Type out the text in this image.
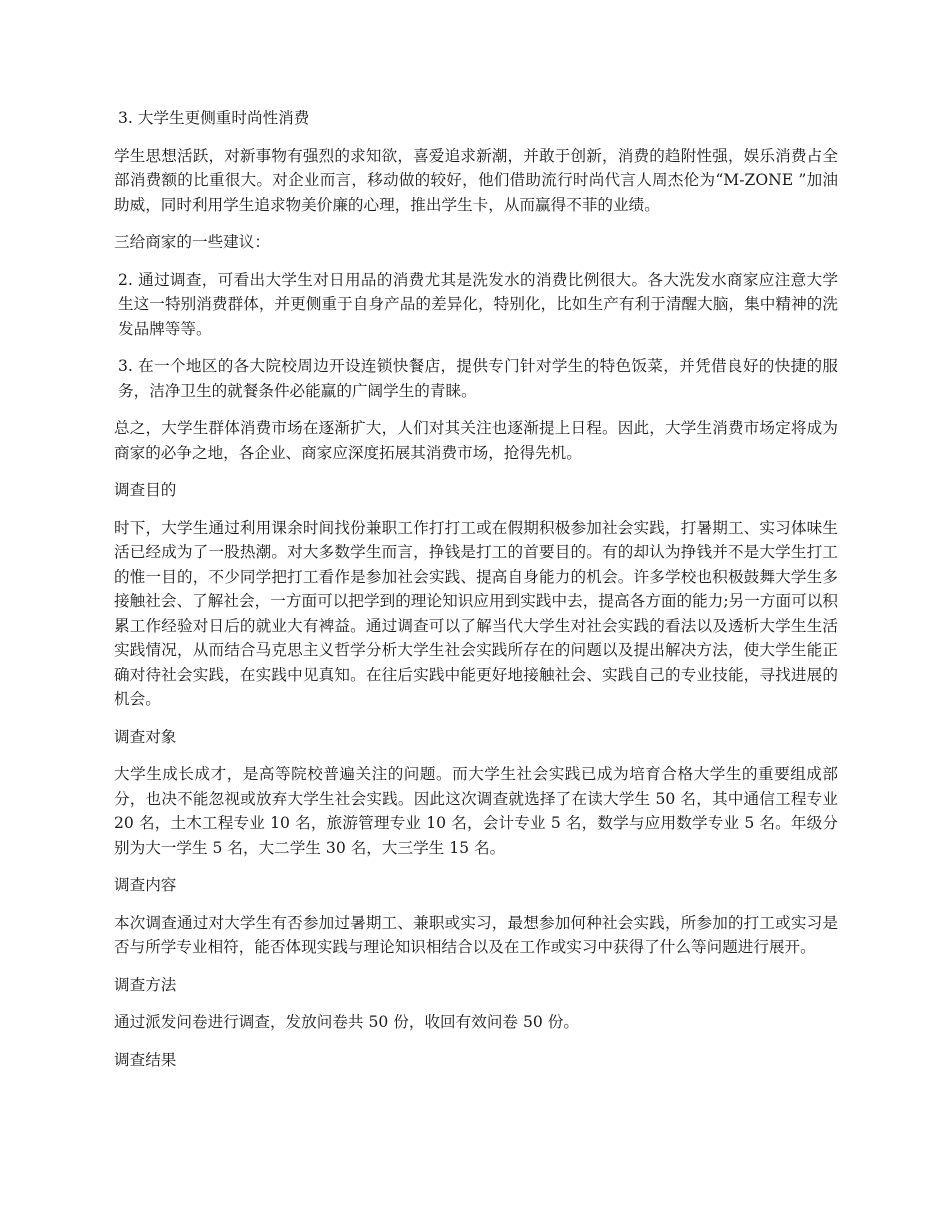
3. 大学生更侧重时尚性消费

学生思想活跃，对新事物有强烈的求知欲，喜爱追求新潮，并敢于创新，消费的趋附性强，娱乐消费占全部消费额的比重很大。对企业而言，移动做的较好，他们借助流行时尚代言人周杰伦为“M-ZONE ”加油助威，同时利用学生追求物美价廉的心理，推出学生卡，从而赢得不菲的业绩。

三给商家的一些建议：

2. 通过调查，可看出大学生对日用品的消费尤其是洗发水的消费比例很大。各大洗发水商家应注意大学生这一特别消费群体，并更侧重于自身产品的差异化，特别化，比如生产有利于清醒大脑，集中精神的洗发品牌等等。

3. 在一个地区的各大院校周边开设连锁快餐店，提供专门针对学生的特色饭菜，并凭借良好的快捷的服务，洁净卫生的就餐条件必能赢的广阔学生的青睐。

总之，大学生群体消费市场在逐渐扩大，人们对其关注也逐渐提上日程。因此，大学生消费市场定将成为商家的必争之地，各企业、商家应深度拓展其消费市场，抢得先机。

调查目的

时下，大学生通过利用课余时间找份兼职工作打打工或在假期积极参加社会实践，打暑期工、实习体味生活已经成为了一股热潮。对大多数学生而言，挣钱是打工的首要目的。有的却认为挣钱并不是大学生打工的惟一目的，不少同学把打工看作是参加社会实践、提高自身能力的机会。许多学校也积极鼓舞大学生多接触社会、了解社会，一方面可以把学到的理论知识应用到实践中去，提高各方面的能力;另一方面可以积累工作经验对日后的就业大有裨益。通过调查可以了解当代大学生对社会实践的看法以及透析大学生生活实践情况，从而结合马克思主义哲学分析大学生社会实践所存在的问题以及提出解决方法，使大学生能正确对待社会实践，在实践中见真知。在往后实践中能更好地接触社会、实践自己的专业技能，寻找进展的机会。

调查对象

大学生成长成才，是高等院校普遍关注的问题。而大学生社会实践已成为培育合格大学生的重要组成部分，也决不能忽视或放弃大学生社会实践。因此这次调查就选择了在读大学生 50 名，其中通信工程专业 20 名，土木工程专业 10 名，旅游管理专业 10 名，会计专业 5 名，数学与应用数学专业 5 名。年级分别为大一学生 5 名，大二学生 30 名，大三学生 15 名。

调查内容

本次调查通过对大学生有否参加过暑期工、兼职或实习，最想参加何种社会实践，所参加的打工或实习是否与所学专业相符，能否体现实践与理论知识相结合以及在工作或实习中获得了什么等问题进行展开。

调查方法

通过派发问卷进行调查，发放问卷共 50 份，收回有效问卷 50 份。

调查结果
